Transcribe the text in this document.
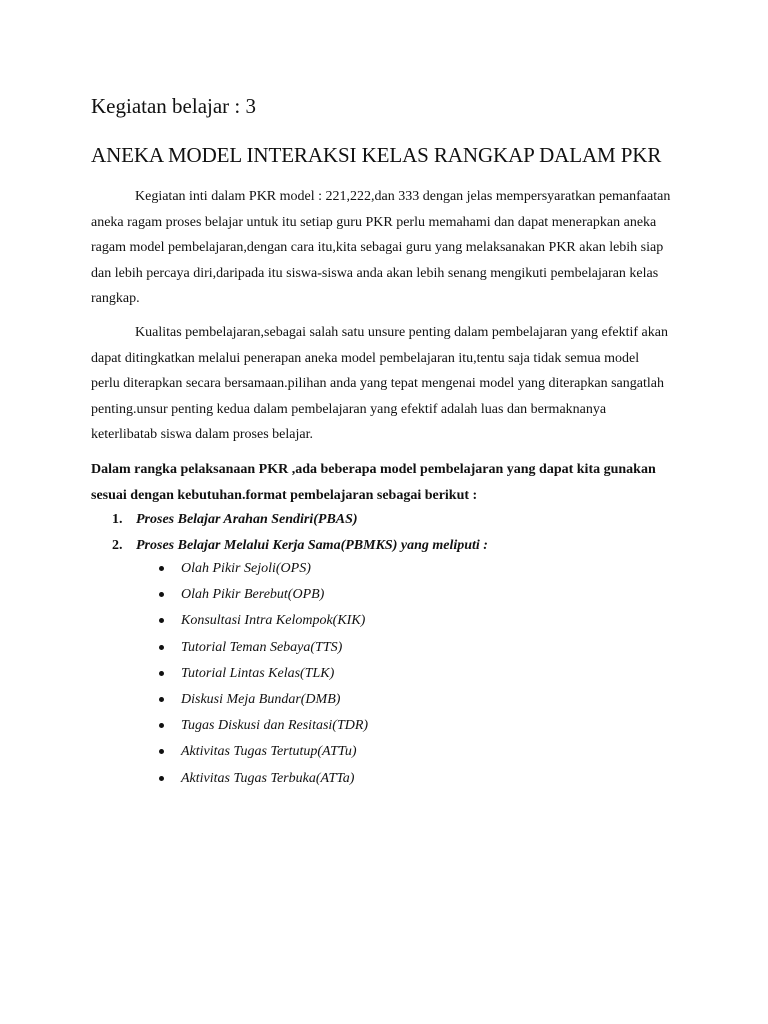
Kegiatan belajar : 3
ANEKA MODEL INTERAKSI KELAS RANGKAP DALAM PKR

Kegiatan inti dalam PKR model : 221,222,dan 333 dengan jelas mempersyaratkan pemanfaatan aneka ragam proses belajar untuk itu setiap guru PKR perlu memahami dan dapat menerapkan aneka ragam model pembelajaran,dengan cara itu,kita sebagai guru yang melaksanakan PKR akan lebih siap dan lebih percaya diri,daripada itu siswa-siswa anda akan lebih senang mengikuti pembelajaran kelas rangkap.

Kualitas pembelajaran,sebagai salah satu unsure penting dalam pembelajaran yang efektif akan dapat ditingkatkan melalui penerapan aneka model pembelajaran itu,tentu saja tidak semua model perlu diterapkan secara bersamaan.pilihan anda yang tepat mengenai model yang diterapkan sangatlah penting.unsur penting kedua dalam pembelajaran yang efektif adalah luas dan bermaknanya keterlibatab siswa dalam proses belajar.

Dalam rangka pelaksanaan PKR ,ada beberapa model pembelajaran yang dapat kita gunakan sesuai dengan kebutuhan.format pembelajaran sebagai berikut :

1. Proses Belajar Arahan Sendiri(PBAS)
2. Proses Belajar Melalui Kerja Sama(PBMKS) yang meliputi :
Olah Pikir Sejoli(OPS)
Olah Pikir Berebut(OPB)
Konsultasi Intra Kelompok(KIK)
Tutorial Teman Sebaya(TTS)
Tutorial Lintas Kelas(TLK)
Diskusi Meja Bundar(DMB)
Tugas Diskusi dan Resitasi(TDR)
Aktivitas Tugas Tertutup(ATTu)
Aktivitas Tugas Terbuka(ATTa)
